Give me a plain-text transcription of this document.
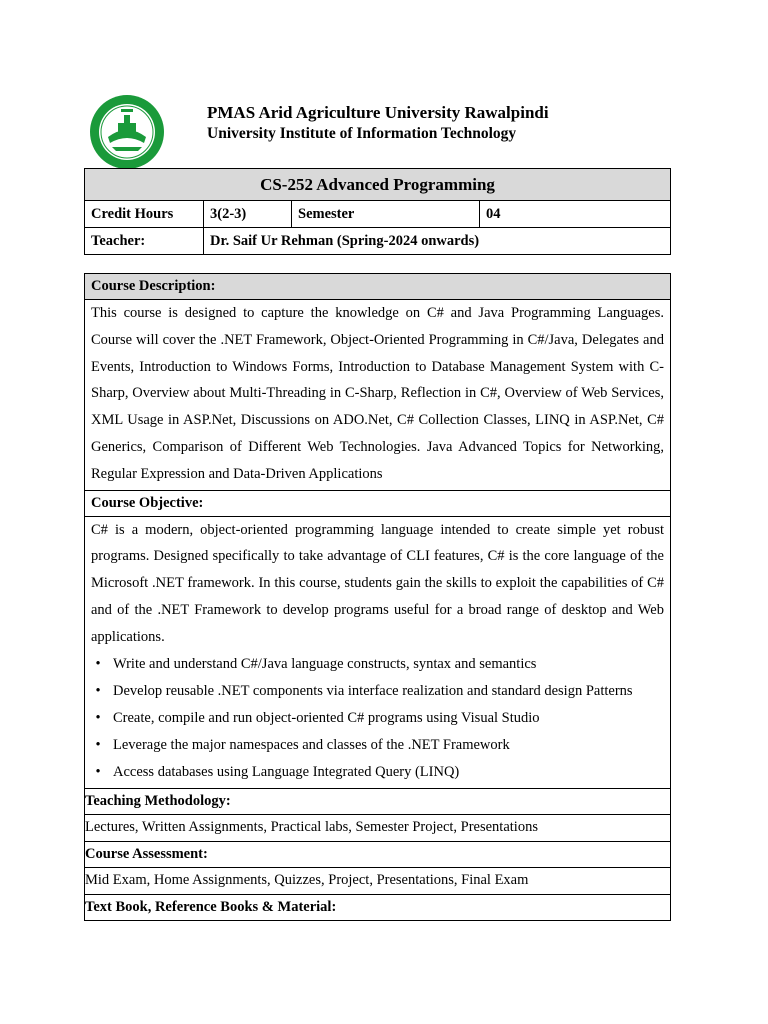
PMAS Arid Agriculture University Rawalpindi
University Institute of Information Technology
CS-252 Advanced Programming			
Credit Hours	3(2-3)	Semester	04
Teacher:	Dr. Saif Ur Rehman (Spring-2024 onwards)		
Course Description:
This course is designed to capture the knowledge on C# and Java Programming Languages. Course will cover the .NET Framework, Object-Oriented Programming in C#/Java, Delegates and Events, Introduction to Windows Forms, Introduction to Database Management System with C-Sharp, Overview about Multi-Threading in C-Sharp, Reflection in C#, Overview of Web Services, XML Usage in ASP.Net, Discussions on ADO.Net, C# Collection Classes, LINQ in ASP.Net, C# Generics, Comparison of Different Web Technologies. Java Advanced Topics for Networking, Regular Expression and Data-Driven Applications
Course Objective:

C# is a modern, object-oriented programming language intended to create simple yet robust programs. Designed specifically to take advantage of CLI features, C# is the core language of the Microsoft .NET framework. In this course, students gain the skills to exploit the capabilities of C# and of the .NET Framework to develop programs useful for a broad range of desktop and Web applications.
• Write and understand C#/Java language constructs, syntax and semantics
• Develop reusable .NET components via interface realization and standard design Patterns
• Create, compile and run object-oriented C# programs using Visual Studio
• Leverage the major namespaces and classes of the .NET Framework
• Access databases using Language Integrated Query (LINQ)

Teaching Methodology:
Lectures, Written Assignments, Practical labs, Semester Project, Presentations
Course Assessment:
Mid Exam, Home Assignments, Quizzes, Project, Presentations, Final Exam
Text Book, Reference Books & Material:
